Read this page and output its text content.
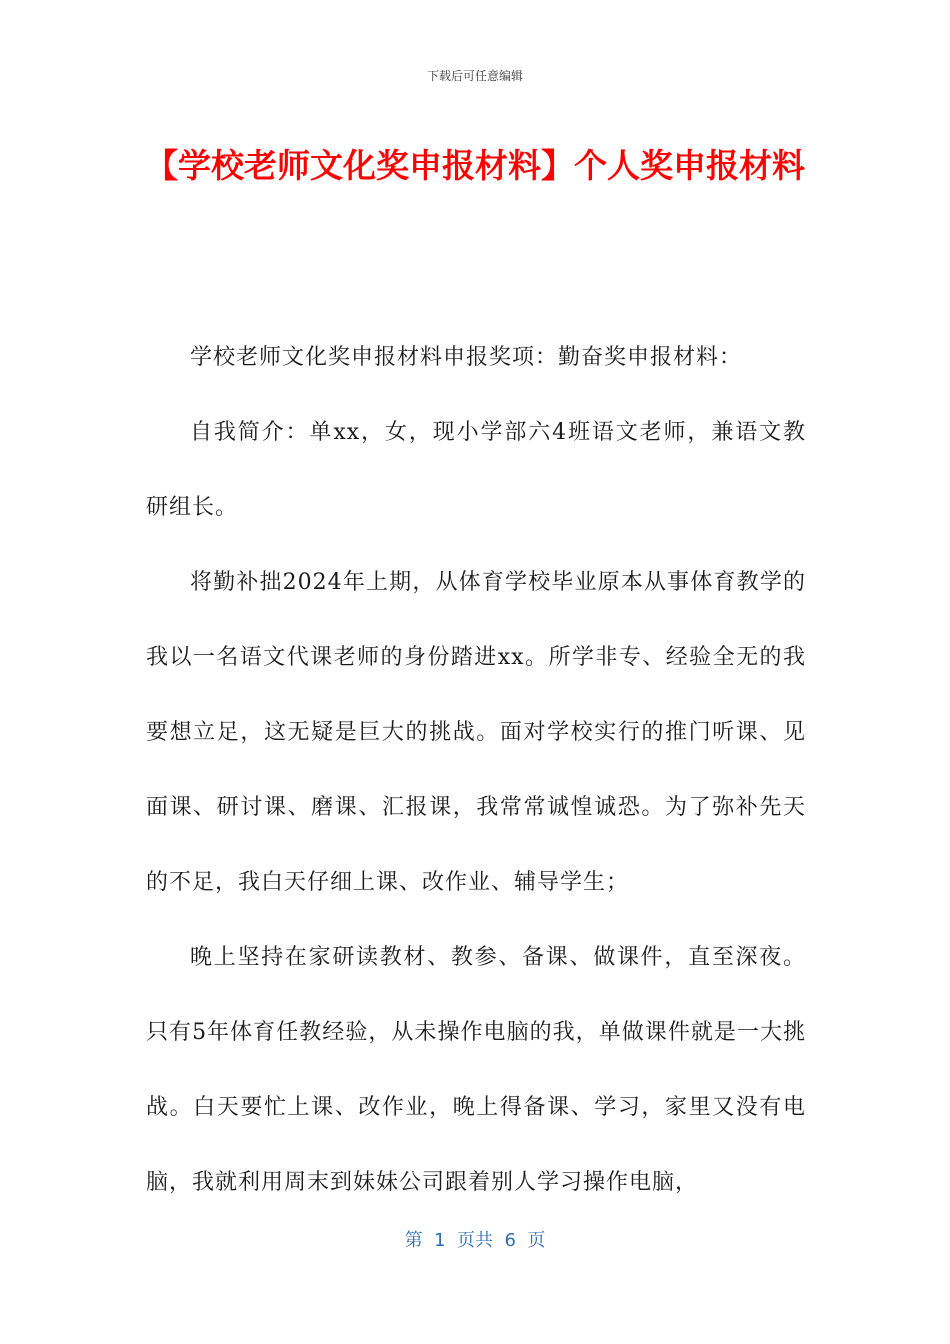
下载后可任意编辑
【学校老师文化奖申报材料】个人奖申报材料

学校老师文化奖申报材料申报奖项：勤奋奖申报材料：

自我简介：单xx，女，现小学部六4班语文老师，兼语文教研组长。

将勤补拙2024年上期，从体育学校毕业原本从事体育教学的我以一名语文代课老师的身份踏进xx。所学非专、经验全无的我要想立足，这无疑是巨大的挑战。面对学校实行的推门听课、见面课、研讨课、磨课、汇报课，我常常诚惶诚恐。为了弥补先天的不足，我白天仔细上课、改作业、辅导学生；

晚上坚持在家研读教材、教参、备课、做课件，直至深夜。只有5年体育任教经验，从未操作电脑的我，单做课件就是一大挑战。白天要忙上课、改作业，晚上得备课、学习，家里又没有电脑，我就利用周末到妹妹公司跟着别人学习操作电脑，

第  1  页共  6  页
